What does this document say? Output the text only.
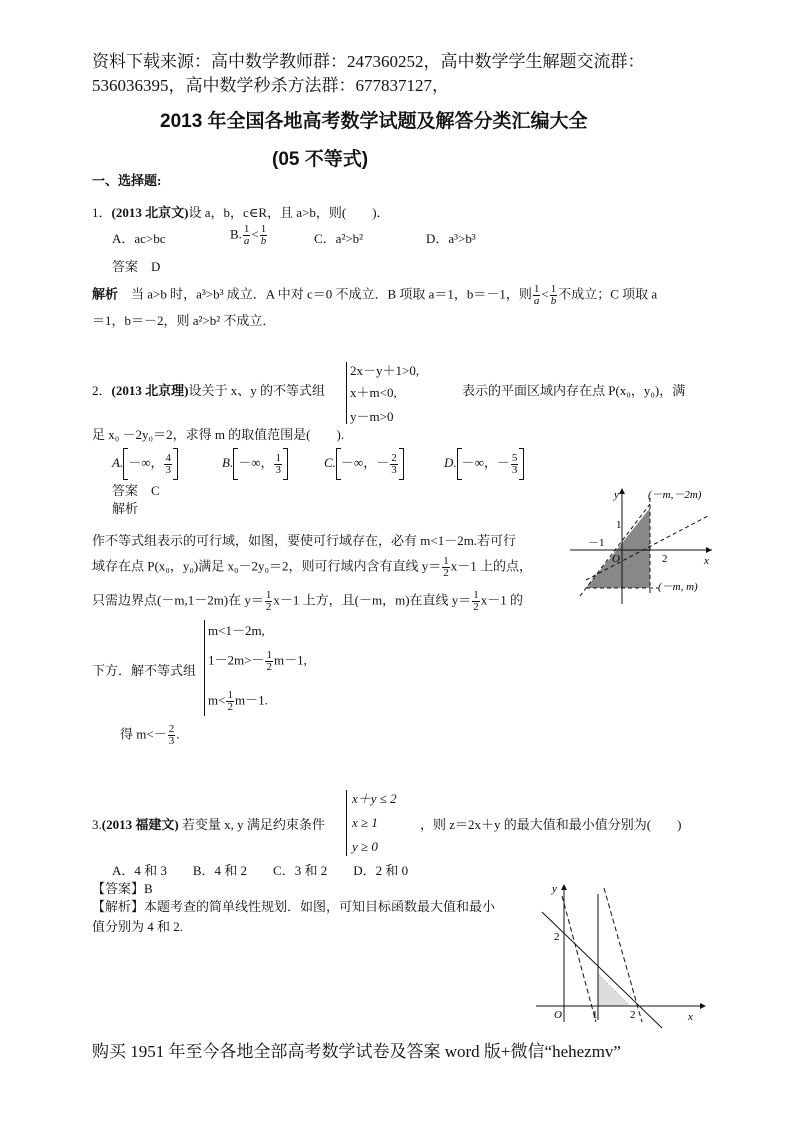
资料下载来源：高中数学教师群：247360252，高中数学学生解题交流群：
536036395，高中数学秒杀方法群：677837127，
2013 年全国各地高考数学试题及解答分类汇编大全
(05 不等式)
一、选择题:
1．(2013 北京文)设 a，b，c∈R，且 a>b，则(　　)．
A．ac>bc	B. $\frac{1}{a} < \frac{1}{b}$	C．a²>b²	D．a³>b³
答案　D
解析　 当 a>b 时，a³>b³ 成立．A 中对 c＝0 不成立．B 项取 a＝1，b＝－1，则 $\frac{1}{a} < \frac{1}{b}$ 不成立；C 项取 a
＝1，b＝－2，则 a²>b² 不成立．
2．(2013 北京理)设关于 x、y 的不等式组
2x－y＋1>0,
x＋m<0,
y－m>0
表示的平面区域内存在点 P(x₀，y₀)，满
足 x₀ －2y₀＝2，求得 m 的取值范围是(　　).
A. －∞， $\frac{4}{3}$	B. －∞， $\frac{1}{3}$	C. －∞，－ $\frac{2}{3}$	D. －∞，－ $\frac{5}{3}$
答案　C
解析
作不等式组表示的可行域，如图，要使可行域存在，必有 m<1－2m.若可行
域存在点 P(x₀，y₀)满足 x₀－2y₀＝2，则可行域内含有直线 $y= \frac{1}{2} x-1$ 上的点，
只需边界点(－m,1－2m)在 $y= \frac{1}{2} x-1$ 上方，且(－m，m)在直线 $y= \frac{1}{2} x-1$ 的
下方．解不等式组
m<1－2m,
$1-2m>- \frac{1}{2} m-1$,
$m< \frac{1}{2} m-1$.
得 $m<- \frac{2}{3}$ .
y
x
O
1
－1
2
(－m,－2m)
(－m, m)
3.(2013 福建文) 若变量 x, y 满足约束条件
x＋y ≤ 2
x ≥ 1
y ≥ 0
，则 z＝2x＋y 的最大值和最小值分别为(　　)
A．4 和 3　　B．4 和 2　　C．3 和 2　　D．2 和 0
【答案】B
【解析】本题考查的简单线性规划．如图，可知目标函数最大值和最小
值分别为 4 和 2.
y
x
O
2
1	2
购买 1951 年至今各地全部高考数学试卷及答案 word 版+微信“hehezmv”
